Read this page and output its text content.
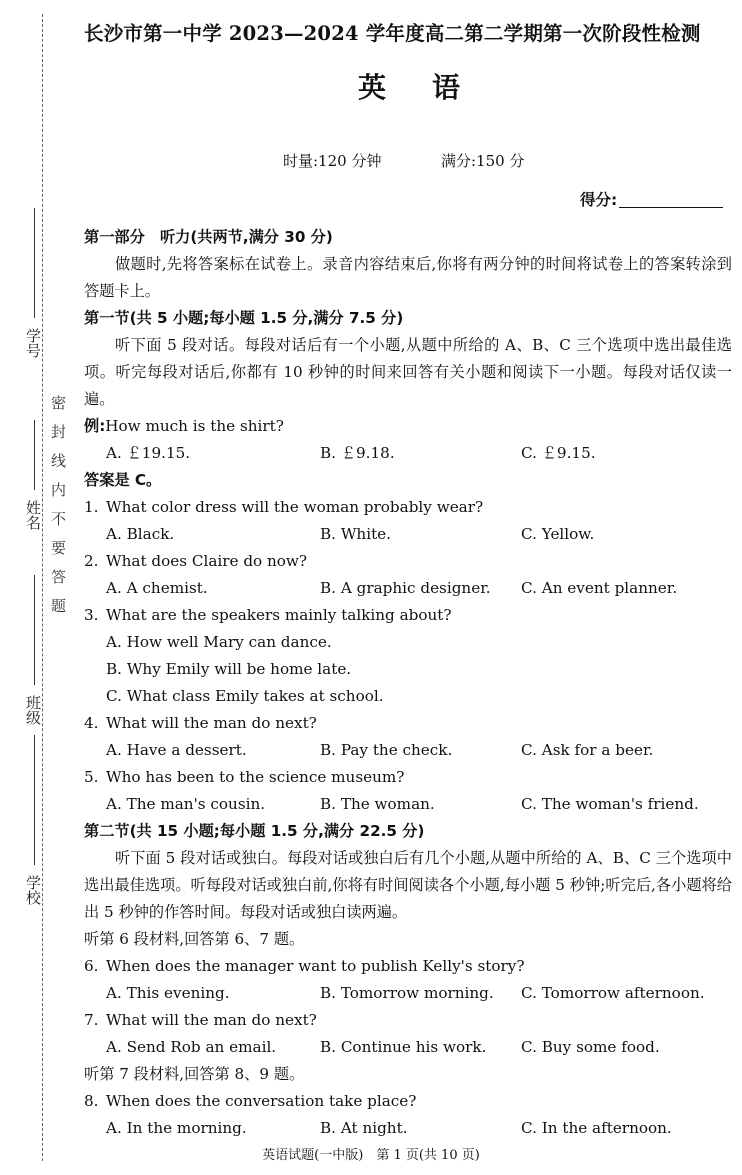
学号
姓名
班级
学校
密封线内不要答题
长沙市第一中学 2023—2024 学年度高二第二学期第一次阶段性检测
英语
时量:120 分钟	满分:150 分
得分:
第一部分　听力(共两节,满分 30 分)
做题时,先将答案标在试卷上。录音内容结束后,你将有两分钟的时间将试卷上的答案转涂到答题卡上。
第一节(共 5 小题;每小题 1.5 分,满分 7.5 分)
听下面 5 段对话。每段对话后有一个小题,从题中所给的 A、B、C 三个选项中选出最佳选项。听完每段对话后,你都有 10 秒钟的时间来回答有关小题和阅读下一小题。每段对话仅读一遍。
例:How much is the shirt?
A. ￡19.15.	B. ￡9.18.	C. ￡9.15.
答案是 C。
1. What color dress will the woman probably wear?
A. Black.	B. White.	C. Yellow.
2. What does Claire do now?
A. A chemist.	B. A graphic designer. C. An event planner.
3. What are the speakers mainly talking about?
A. How well Mary can dance.
B. Why Emily will be home late.
C. What class Emily takes at school.
4. What will the man do next?
A. Have a dessert.	B. Pay the check.	C. Ask for a beer.
5. Who has been to the science museum?
A. The man's cousin.	B. The woman.	C. The woman's friend.
第二节(共 15 小题;每小题 1.5 分,满分 22.5 分)
听下面 5 段对话或独白。每段对话或独白后有几个小题,从题中所给的 A、B、C 三个选项中选出最佳选项。听每段对话或独白前,你将有时间阅读各个小题,每小题 5 秒钟;听完后,各小题将给出 5 秒钟的作答时间。每段对话或独白读两遍。
听第 6 段材料,回答第 6、7 题。
6. When does the manager want to publish Kelly's story?
A. This evening.	B. Tomorrow morning. C. Tomorrow afternoon.
7. What will the man do next?
A. Send Rob an email.	B. Continue his work. C. Buy some food.
听第 7 段材料,回答第 8、9 题。
8. When does the conversation take place?
A. In the morning.	B. At night.	C. In the afternoon.
英语试题(一中版)　第 1 页(共 10 页)
